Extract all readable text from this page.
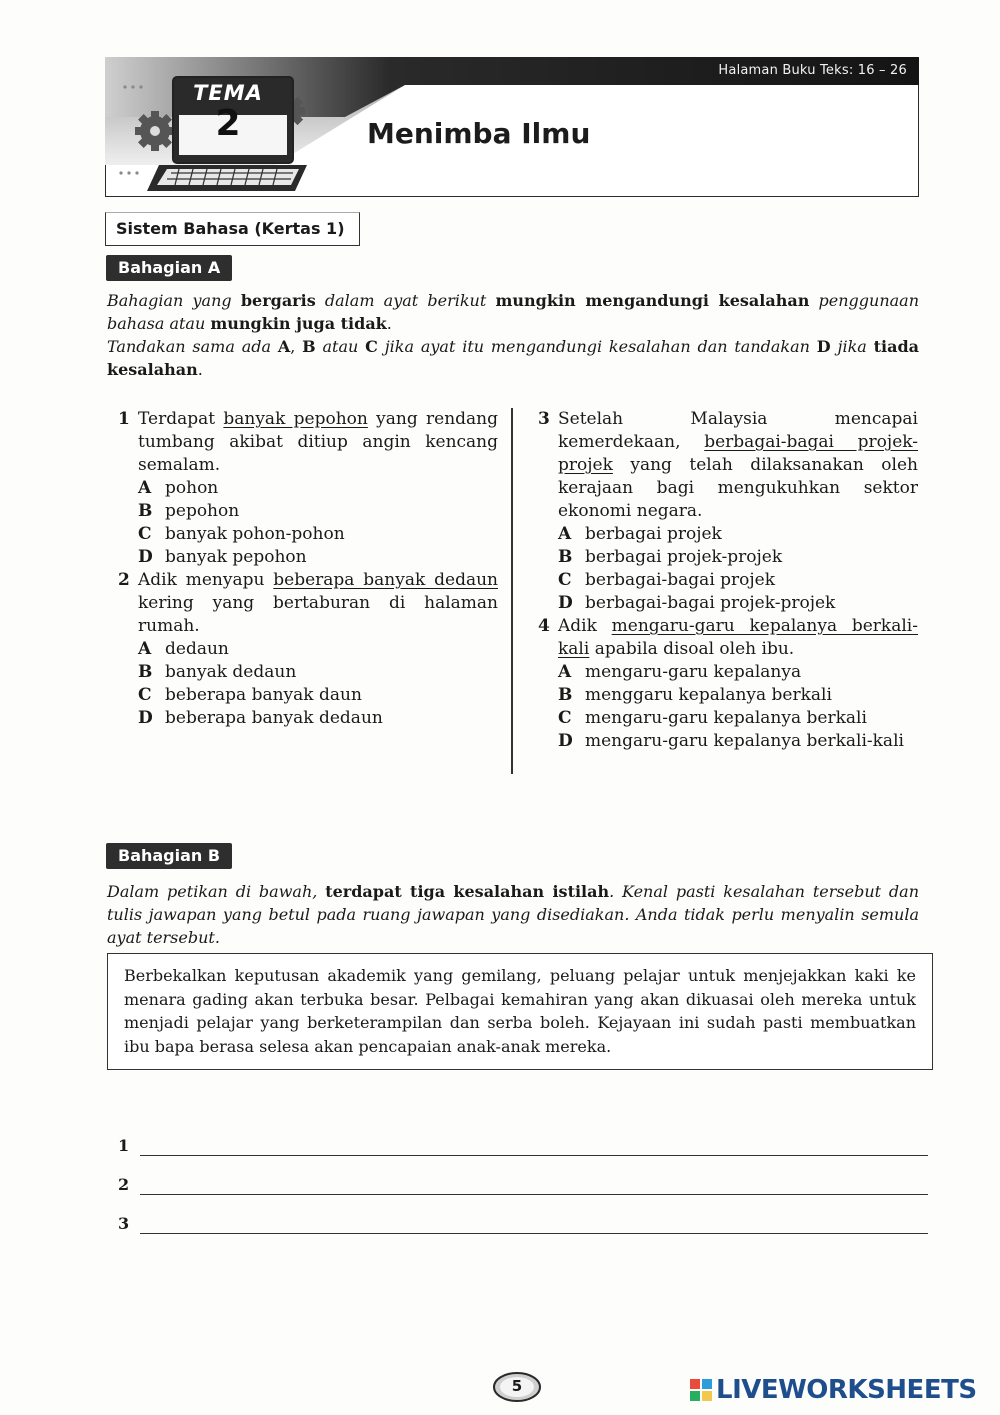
Halaman Buku Teks: 16 – 26
TEMA
2	Menimba Ilmu
Sistem Bahasa (Kertas 1)
Bahagian A
Bahagian yang bergaris dalam ayat berikut mungkin mengandungi kesalahan penggunaan bahasa atau mungkin juga tidak.
Tandakan sama ada A, B atau C jika ayat itu mengandungi kesalahan dan tandakan D jika tiada kesalahan.
1 Terdapat banyak pepohon yang rendang tumbang akibat ditiup angin kencang semalam.
A pohon
B pepohon
C banyak pohon-pohon
D banyak pepohon
2 Adik menyapu beberapa banyak dedaun kering yang bertaburan di halaman rumah.
A dedaun
B banyak dedaun
C beberapa banyak daun
D beberapa banyak dedaun
3 Setelah Malaysia mencapai kemerdekaan, berbagai-bagai projek-projek yang telah dilaksanakan oleh kerajaan bagi mengukuhkan sektor ekonomi negara.
A berbagai projek
B berbagai projek-projek
C berbagai-bagai projek
D berbagai-bagai projek-projek
4 Adik mengaru-garu kepalanya berkali-kali apabila disoal oleh ibu.
A mengaru-garu kepalanya
B menggaru kepalanya berkali
C mengaru-garu kepalanya berkali
D mengaru-garu kepalanya berkali-kali
Bahagian B
Dalam petikan di bawah, terdapat tiga kesalahan istilah. Kenal pasti kesalahan tersebut dan tulis jawapan yang betul pada ruang jawapan yang disediakan. Anda tidak perlu menyalin semula ayat tersebut.
Berbekalkan keputusan akademik yang gemilang, peluang pelajar untuk menjejakkan kaki ke menara gading akan terbuka besar. Pelbagai kemahiran yang akan dikuasai oleh mereka untuk menjadi pelajar yang berketerampilan dan serba boleh. Kejayaan ini sudah pasti membuatkan ibu bapa berasa selesa akan pencapaian anak-anak mereka.
1
2
3
5	LIVEWORKSHEETS
